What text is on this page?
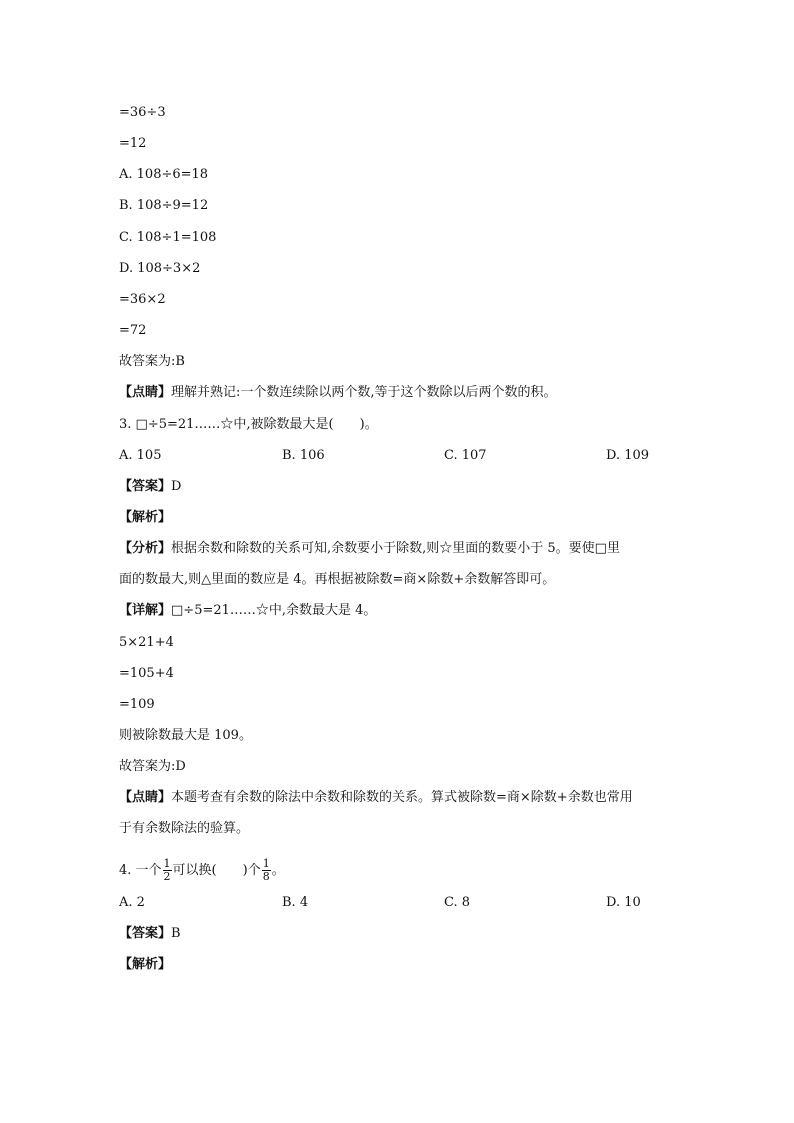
=36÷3
=12
A. 108÷6=18
B. 108÷9=12
C. 108÷1=108
D. 108÷3×2
=36×2
=72
故答案为:B
【点睛】理解并熟记:一个数连续除以两个数,等于这个数除以后两个数的积。
3. □÷5=21……☆中,被除数最大是(　　)。
A. 105	B. 106	C. 107	D. 109
【答案】D
【解析】
【分析】根据余数和除数的关系可知,余数要小于除数,则☆里面的数要小于 5。要使□里
面的数最大,则△里面的数应是 4。再根据被除数=商×除数+余数解答即可。
【详解】□÷5=21……☆中,余数最大是 4。
5×21+4
=105+4
=109
则被除数最大是 109。
故答案为:D
【点睛】本题考查有余数的除法中余数和除数的关系。算式被除数=商×除数+余数也常用
于有余数除法的验算。
4. 一个 $\frac{1}{2}$ 可以换(　　)个 $\frac{1}{8}$ 。
A. 2	B. 4	C. 8	D. 10
【答案】B
【解析】
